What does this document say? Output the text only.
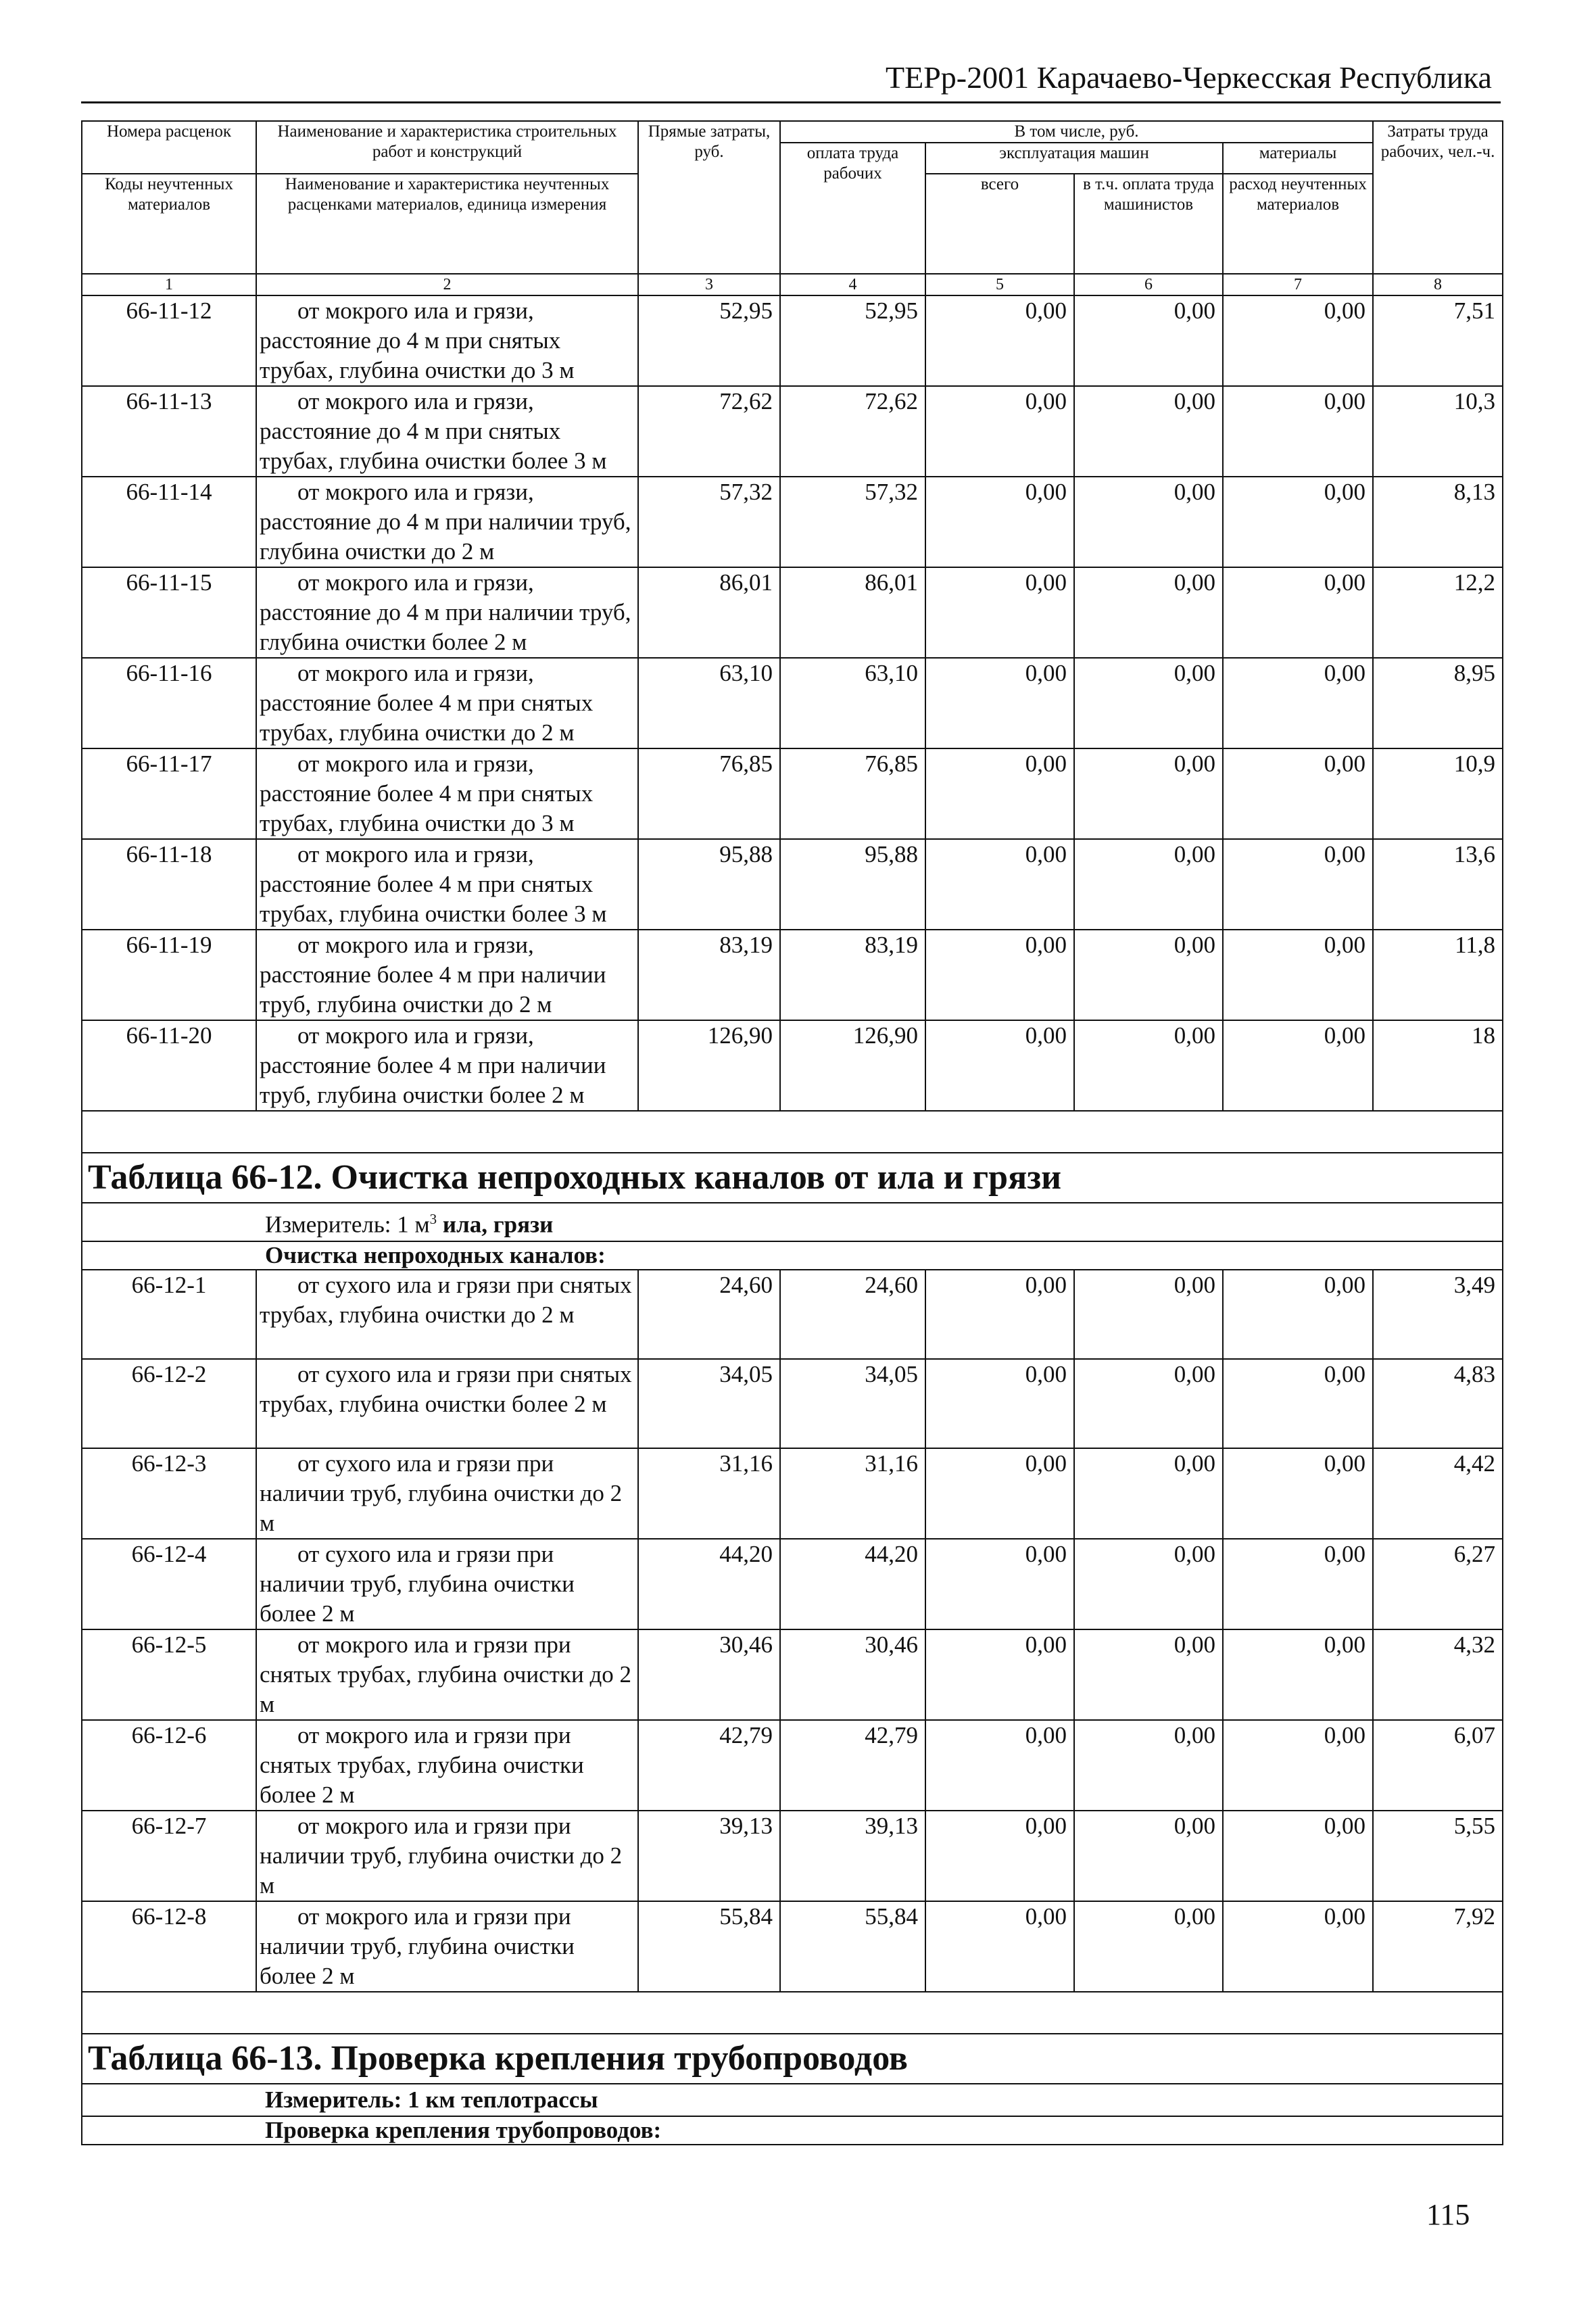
ТЕРр-2001 Карачаево-Черкесская Республика
Номера расценок	Наименование и характеристика строительных работ и конструкций	Прямые затраты, руб.	В том числе, руб.				Затраты труда рабочих, чел.-ч.
			оплата труда рабочих	эксплуатация машин		материалы	
Коды неучтенных материалов	Наименование и характеристика неучтенных расценками материалов, единица измерения			всего	в т.ч. оплата труда машинистов	расход неучтенных материалов	

1	2	3	4	5	6	7	8
66-11-12	от мокрого ила и грязи, расстояние до 4 м при снятых трубах, глубина очистки до 3 м	52,95	52,95	0,00	0,00	0,00	7,51
66-11-13	от мокрого ила и грязи, расстояние до 4 м при снятых трубах, глубина очистки более 3 м	72,62	72,62	0,00	0,00	0,00	10,3
66-11-14	от мокрого ила и грязи, расстояние до 4 м при наличии труб, глубина очистки до 2 м	57,32	57,32	0,00	0,00	0,00	8,13
66-11-15	от мокрого ила и грязи, расстояние до 4 м при наличии труб, глубина очистки более 2 м	86,01	86,01	0,00	0,00	0,00	12,2
66-11-16	от мокрого ила и грязи, расстояние более 4 м при снятых трубах, глубина очистки до 2 м	63,10	63,10	0,00	0,00	0,00	8,95
66-11-17	от мокрого ила и грязи, расстояние более 4 м при снятых трубах, глубина очистки до 3 м	76,85	76,85	0,00	0,00	0,00	10,9
66-11-18	от мокрого ила и грязи, расстояние более 4 м при снятых трубах, глубина очистки более 3 м	95,88	95,88	0,00	0,00	0,00	13,6
66-11-19	от мокрого ила и грязи, расстояние более 4 м при наличии труб, глубина очистки до 2 м	83,19	83,19	0,00	0,00	0,00	11,8
66-11-20	от мокрого ила и грязи, расстояние более 4 м при наличии труб, глубина очистки более 2 м	126,90	126,90	0,00	0,00	0,00	18

Таблица 66-12. Очистка непроходных каналов от ила и грязи							
Измеритель: 1 $м^3$ ила, грязи							
Очистка непроходных каналов:							
66-12-1	от сухого ила и грязи при снятых трубах, глубина очистки до 2 м	24,60	24,60	0,00	0,00	0,00	3,49
66-12-2	от сухого ила и грязи при снятых трубах, глубина очистки более 2 м	34,05	34,05	0,00	0,00	0,00	4,83
66-12-3	от сухого ила и грязи при наличии труб, глубина очистки до 2 м	31,16	31,16	0,00	0,00	0,00	4,42
66-12-4	от сухого ила и грязи при наличии труб, глубина очистки более 2 м	44,20	44,20	0,00	0,00	0,00	6,27
66-12-5	от мокрого ила и грязи при снятых трубах, глубина очистки до 2 м	30,46	30,46	0,00	0,00	0,00	4,32
66-12-6	от мокрого ила и грязи при снятых трубах, глубина очистки более 2 м	42,79	42,79	0,00	0,00	0,00	6,07
66-12-7	от мокрого ила и грязи при наличии труб, глубина очистки до 2 м	39,13	39,13	0,00	0,00	0,00	5,55
66-12-8	от мокрого ила и грязи при наличии труб, глубина очистки более 2 м	55,84	55,84	0,00	0,00	0,00	7,92

Таблица 66-13. Проверка крепления трубопроводов							
Измеритель: 1 км теплотрассы							
Проверка крепления трубопроводов:							
115
